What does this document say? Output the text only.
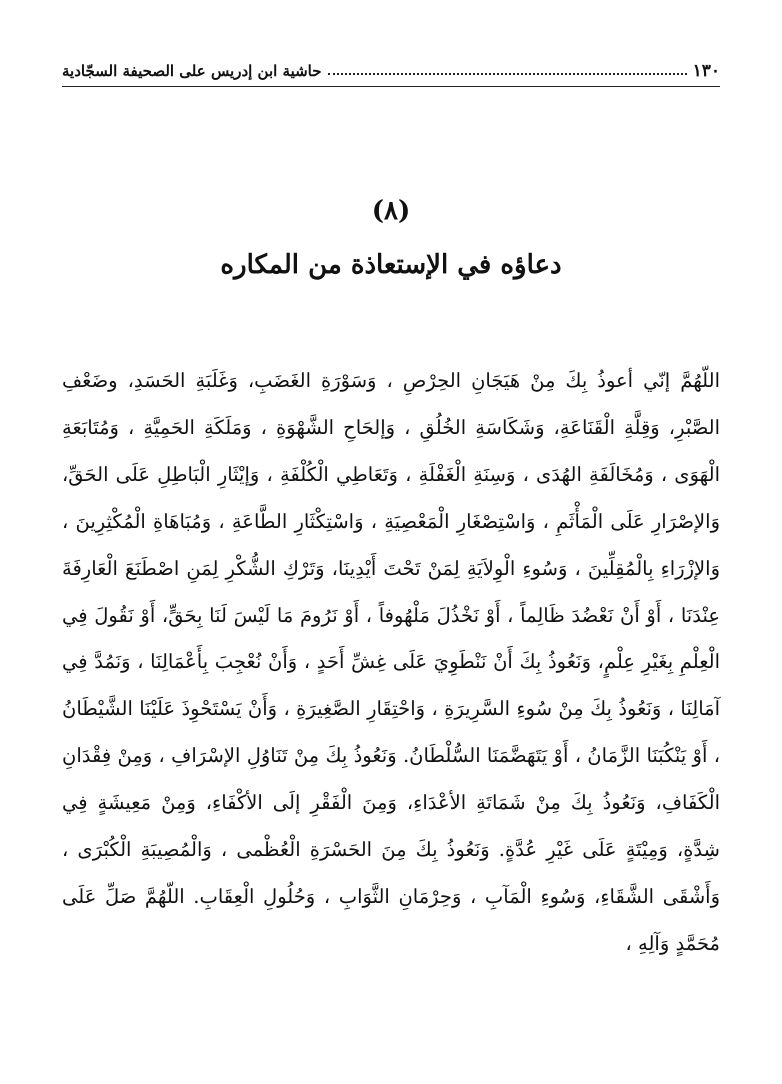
١٣٠
حاشية ابن إدريس على الصحيفة السجّادية
(٨)
دعاؤه في الإستعاذة من المكاره
اللّهُمَّ إنّي أعوذُ بِكَ مِنْ هَيَجَانِ الحِرْصِ ، وَسَوْرَةِ الغَضَبِ، وَغَلَبَةِ الحَسَدِ، وضَعْفِ الصَّبْرِ، وَقِلَّةِ الْقَنَاعَةِ، وَشَكَاسَةِ الخُلُقِ ، وَإلحَاحِ الشَّهْوَةِ ، وَمَلَكَةِ الحَمِيَّةِ ، وَمُتَابَعَةِ الْهَوَى ، وَمُخَالَفَةِ الهُدَى ، وَسِنَةِ الْغَفْلَةِ ، وَتَعَاطِي الْكُلْفَةِ ، وَإيْثَارِ الْبَاطِلِ عَلَى الحَقِّ، وَالإصْرَارِ عَلَى الْمَأْثَمِ ، وَاسْتِصْغَارِ الْمَعْصِيَةِ ، وَاسْتِكْثَارِ الطَّاعَةِ ، وَمُبَاهَاةِ الْمُكْثِرِينَ ، وَالإزْرَاءِ بِالْمُقِلِّينَ ، وَسُوءِ الْوِلاَيَةِ لِمَنْ تَحْتَ أَيْدِينَا، وَتَرْكِ الشُّكْرِ لِمَنِ اصْطَنَعَ الْعَارِفَةَ عِنْدَنَا ، أَوْ أَنْ نَعْضُدَ ظَالِماً ، أَوْ نَخْذُلَ مَلْهُوفاً ، أَوْ نَرُومَ مَا لَيْسَ لَنَا بِحَقٍّ، أَوْ نَقُولَ فِي الْعِلْمِ بِغَيْرِ عِلْمٍ، وَنَعُوذُ بِكَ أَنْ نَنْطَوِيَ عَلَى غِشِّ أَحَدٍ ، وَأَنْ نُعْجِبَ بِأَعْمَالِنَا ، وَنَمُدَّ فِي آمَالِنَا ، وَنَعُوذُ بِكَ مِنْ سُوءِ السَّرِيرَةِ ، وَاحْتِقَارِ الصَّغِيرَةِ ، وَأَنْ يَسْتَحْوِذَ عَلَيْنَا الشَّيْطَانُ ، أَوْ يَنْكُبَنَا الزَّمَانُ ، أَوْ يَتَهَضَّمَنَا السُّلْطَانُ. وَنَعُوذُ بِكَ مِنْ تَنَاوُلِ الإسْرَافِ ، وَمِنْ فِقْدَانِ الْكَفَافِ، وَنَعُوذُ بِكَ مِنْ شَمَاتَةِ الأعْدَاءِ، وَمِنَ الْفَقْرِ إلَى الأكْفَاءِ، وَمِنْ مَعِيشَةٍ فِي شِدَّةٍ، وَمِيْتَةٍ عَلَى غَيْرِ عُدَّةٍ. وَنَعُوذُ بِكَ مِنَ الحَسْرَةِ الْعُظْمى ، وَالْمُصِيبَةِ الْكُبْرَى ، وَأَشْقَى الشَّقَاءِ، وَسُوءِ الْمَآبِ ، وَحِرْمَانِ الثَّوَابِ ، وَحُلُولِ الْعِقَابِ. اللّهُمَّ صَلِّ عَلَى مُحَمَّدٍ وَآلِهِ ،
